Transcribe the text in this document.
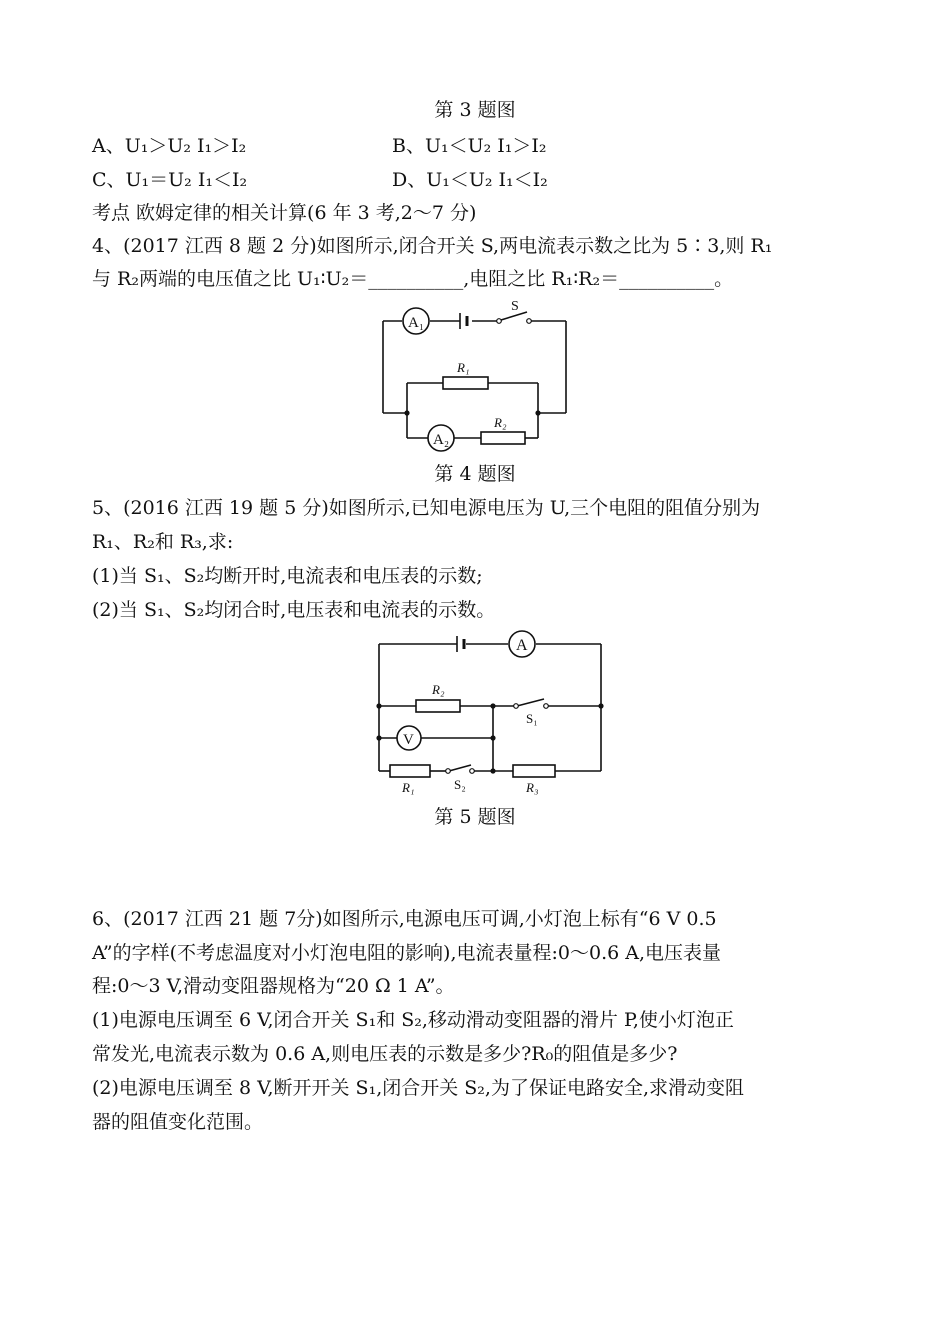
第 3 题图
A、U₁＞U₂ I₁＞I₂	B、U₁＜U₂ I₁＞I₂
C、U₁＝U₂ I₁＜I₂	D、U₁＜U₂ I₁＜I₂
考点 欧姆定律的相关计算(6 年 3 考,2～7 分)
4、(2017 江西 8 题 2 分)如图所示,闭合开关 S,两电流表示数之比为 5∶3,则 R₁
与 R₂两端的电压值之比 U₁∶U₂＝__________,电阻之比 R₁∶R₂＝__________。
A₁
A₂
S
R₁
R₂
第 4 题图
5、(2016 江西 19 题 5 分)如图所示,已知电源电压为 U,三个电阻的阻值分别为
R₁、R₂和 R₃,求:
(1)当 S₁、S₂均断开时,电流表和电压表的示数;
(2)当 S₁、S₂均闭合时,电压表和电流表的示数。
A
V
R₂
R₁	R₃
S₁
S₂
第 5 题图
6、(2017 江西 21 题 7分)如图所示,电源电压可调,小灯泡上标有“6 V 0.5
A”的字样(不考虑温度对小灯泡电阻的影响),电流表量程:0～0.6 A,电压表量
程:0～3 V,滑动变阻器规格为“20 Ω 1 A”。
(1)电源电压调至 6 V,闭合开关 S₁和 S₂,移动滑动变阻器的滑片 P,使小灯泡正
常发光,电流表示数为 0.6 A,则电压表的示数是多少?R₀的阻值是多少?
(2)电源电压调至 8 V,断开开关 S₁,闭合开关 S₂,为了保证电路安全,求滑动变阻
器的阻值变化范围。
